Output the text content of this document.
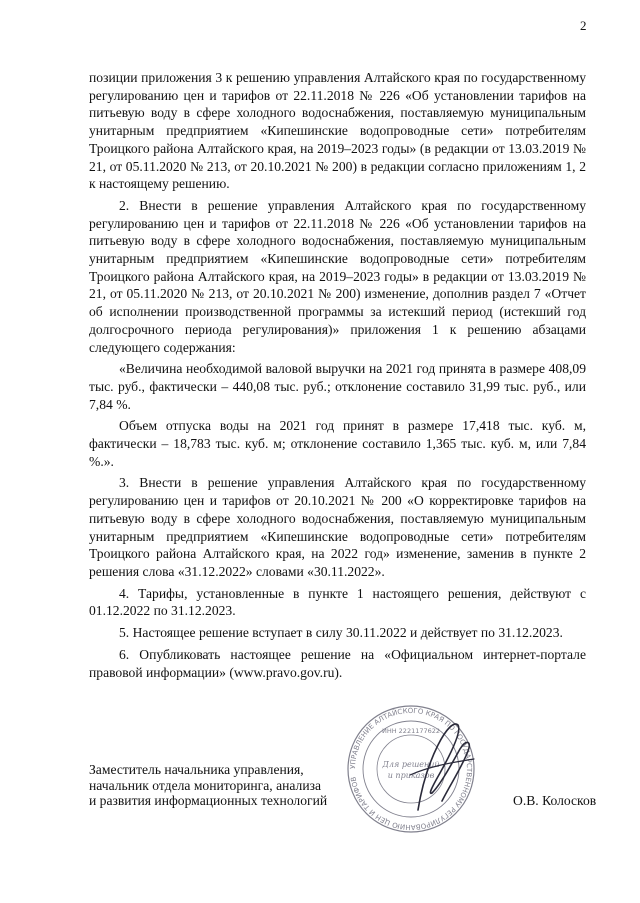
2

позиции приложения 3 к решению управления Алтайского края по государственному регулированию цен и тарифов от 22.11.2018 № 226 «Об установлении тарифов на питьевую воду в сфере холодного водоснабжения, поставляемую муниципальным унитарным предприятием «Кипешинские водопроводные сети» потребителям Троицкого района Алтайского края, на 2019–2023 годы» (в редакции от 13.03.2019 № 21, от 05.11.2020 № 213, от 20.10.2021 № 200) в редакции согласно приложениям 1, 2 к настоящему решению.

2. Внести в решение управления Алтайского края по государственному регулированию цен и тарифов от 22.11.2018 № 226 «Об установлении тарифов на питьевую воду в сфере холодного водоснабжения, поставляемую муниципальным унитарным предприятием «Кипешинские водопроводные сети» потребителям Троицкого района Алтайского края, на 2019–2023 годы» в редакции от 13.03.2019 № 21, от 05.11.2020 № 213, от 20.10.2021 № 200) изменение, дополнив раздел 7 «Отчет об исполнении производственной программы за истекший период (истекший год долгосрочного периода регулирования)» приложения 1 к решению абзацами следующего содержания:

«Величина необходимой валовой выручки на 2021 год принята в размере 408,09 тыс. руб., фактически – 440,08 тыс. руб.; отклонение составило 31,99 тыс. руб., или 7,84 %.

Объем отпуска воды на 2021 год принят в размере 17,418 тыс. куб. м, фактически – 18,783 тыс. куб. м; отклонение составило 1,365 тыс. куб. м, или 7,84 %.».

3. Внести в решение управления Алтайского края по государственному регулированию цен и тарифов от 20.10.2021 № 200 «О корректировке тарифов на питьевую воду в сфере холодного водоснабжения, поставляемую муниципальным унитарным предприятием «Кипешинские водопроводные сети» потребителям Троицкого района Алтайского края, на 2022 год» изменение, заменив в пункте 2 решения слова «31.12.2022» словами «30.11.2022».

4. Тарифы, установленные в пункте 1 настоящего решения, действуют с 01.12.2022 по 31.12.2023.

5. Настоящее решение вступает в силу 30.11.2022 и действует по 31.12.2023.

6. Опубликовать настоящее решение на «Официальном интернет-портале правовой информации» (www.pravo.gov.ru).

УПРАВЛЕНИЕ АЛТАЙСКОГО КРАЯ ПО ГОСУДАРСТВЕННОМУ РЕГУЛИРОВАНИЮ ЦЕН И ТАРИФОВ
ИНН 2221177622
Для решений
и приказов
Заместитель начальника управления,
начальник отдела мониторинга, анализа
и развития информационных технологий	О.В. Колосков
